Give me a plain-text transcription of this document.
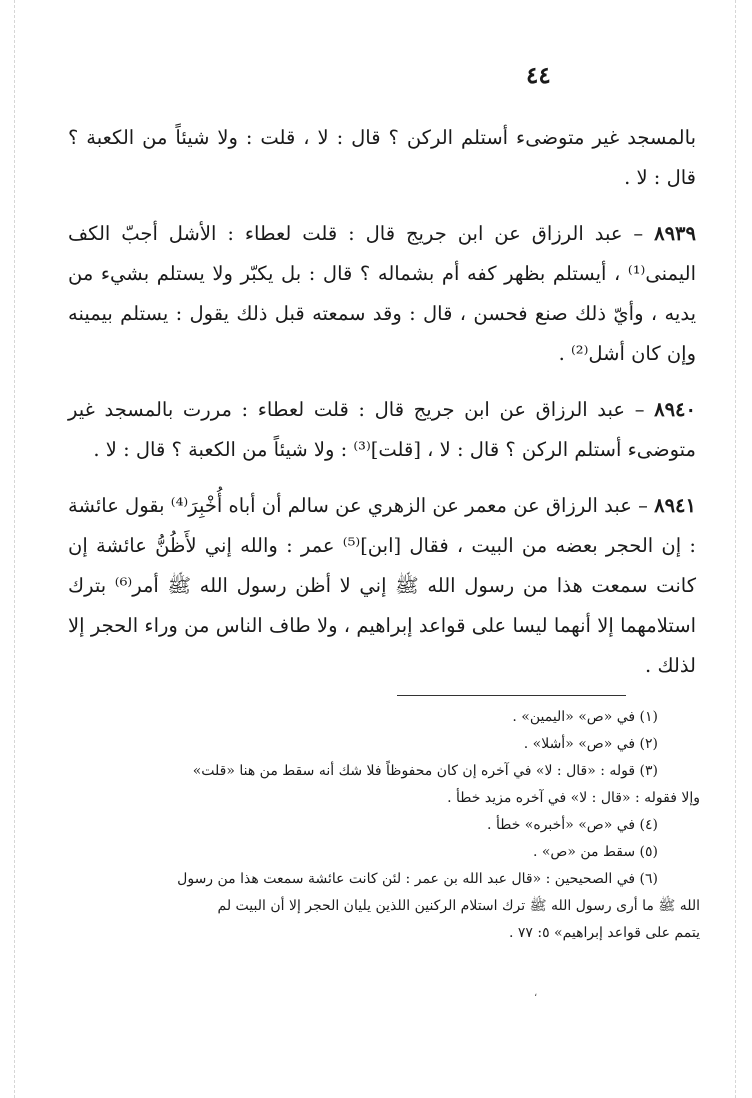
٤٤

بالمسجد غير متوضىء أستلم الركن ؟ قال : لا ، قلت : ولا شيئاً من الكعبة ؟ قال : لا .

٨٩٣٩ – عبد الرزاق عن ابن جريج قال : قلت لعطاء : الأشل أجبّ الكف اليمنى⁽¹⁾ ، أيستلم بظهر كفه أم بشماله ؟ قال : بل يكبّر ولا يستلم بشيء من يديه ، وأيّ ذلك صنع فحسن ، قال : وقد سمعته قبل ذلك يقول : يستلم بيمينه وإن كان أشل⁽²⁾ .

٨٩٤٠ – عبد الرزاق عن ابن جريج قال : قلت لعطاء : مررت بالمسجد غير متوضىء أستلم الركن ؟ قال : لا ، [قلت]⁽³⁾ : ولا شيئاً من الكعبة ؟ قال : لا .

٨٩٤١ – عبد الرزاق عن معمر عن الزهري عن سالم أن أباه أُخْبِرَ⁽⁴⁾ بقول عائشة : إن الحجر بعضه من البيت ، فقال [ابن]⁽⁵⁾ عمر : والله إني لأَظُنُّ عائشة إن كانت سمعت هذا من رسول الله ﷺ إني لا أظن رسول الله ﷺ أمر⁽⁶⁾ بترك استلامهما إلا أنهما ليسا على قواعد إبراهيم ، ولا طاف الناس من وراء الحجر إلا لذلك .

(١) في «ص» «اليمين» .

(٢) في «ص» «أشلا» .

(٣) قوله : «قال : لا» في آخره إن كان محفوظاً فلا شك أنه سقط من هنا «قلت»

وإلا فقوله : «قال : لا» في آخره مزيد خطأ .

(٤) في «ص» «أخبره» خطأ .

(٥) سقط من «ص» .

(٦) في الصحيحين : «قال عبد الله بن عمر : لئن كانت عائشة سمعت هذا من رسول

الله ﷺ ما أرى رسول الله ﷺ ترك استلام الركنين اللذين يليان الحجر إلا أن البيت لم

يتمم على قواعد إبراهيم» ٥: ٧٧ .

،
